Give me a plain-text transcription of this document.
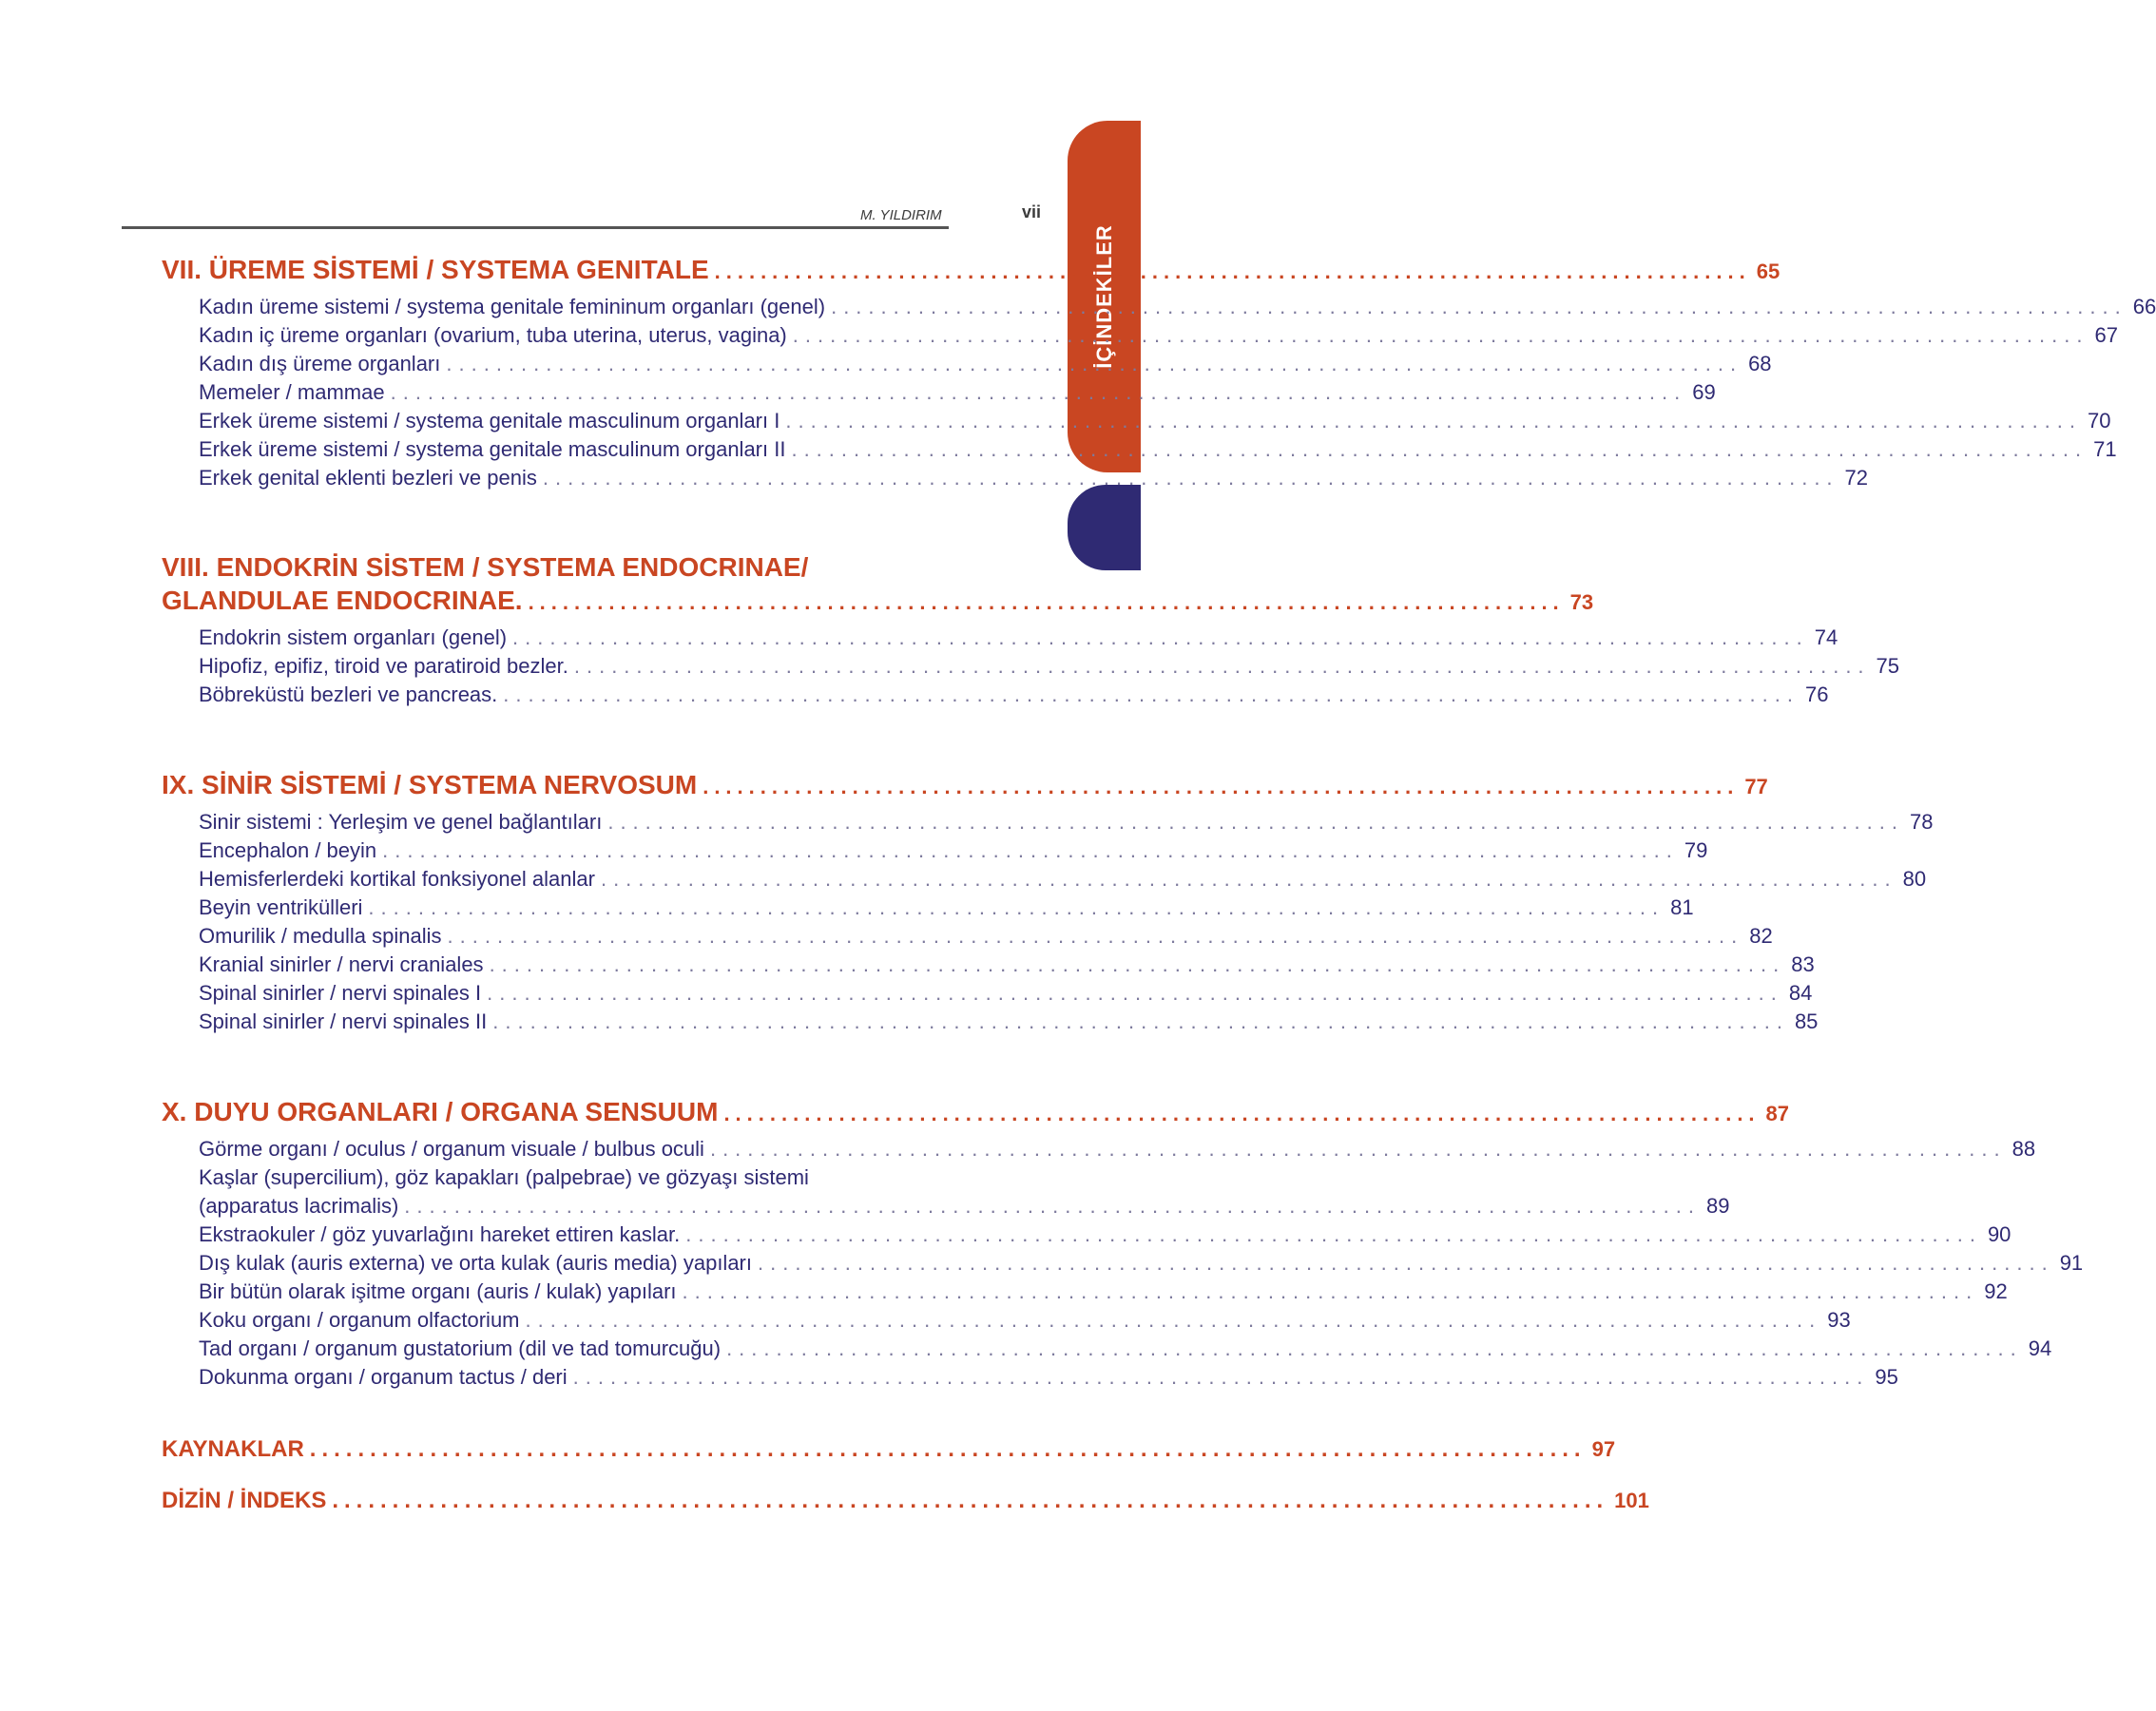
M. YILDIRIM	vii
İÇİNDEKİLER
VII. ÜREME SİSTEMİ / SYSTEMA GENITALE .......................................................................................... 65
Kadın üreme sistemi / systema genitale femininum organları (genel) ........................................................................................................ 66
Kadın iç üreme organları (ovarium, tuba uterina, uterus, vagina) ........................................................................................................ 67
Kadın dış üreme organları ........................................................................................................ 68
Memeler / mammae ........................................................................................................ 69
Erkek üreme sistemi / systema genitale masculinum organları I ........................................................................................................ 70
Erkek üreme sistemi / systema genitale masculinum organları II ........................................................................................................ 71
Erkek genital eklenti bezleri ve penis ........................................................................................................ 72
VIII. ENDOKRİN SİSTEM / SYSTEMA ENDOCRINAE/
GLANDULAE ENDOCRINAE. .......................................................................................... 73
Endokrin sistem organları (genel) ........................................................................................................ 74
Hipofiz, epifiz, tiroid ve paratiroid bezler. ........................................................................................................ 75
Böbreküstü bezleri ve pancreas. ........................................................................................................ 76
IX. SİNİR SİSTEMİ / SYSTEMA NERVOSUM .......................................................................................... 77
Sinir sistemi : Yerleşim ve genel bağlantıları ........................................................................................................ 78
Encephalon / beyin ........................................................................................................ 79
Hemisferlerdeki kortikal fonksiyonel alanlar ........................................................................................................ 80
Beyin ventrikülleri ........................................................................................................ 81
Omurilik / medulla spinalis ........................................................................................................ 82
Kranial sinirler / nervi craniales ........................................................................................................ 83
Spinal sinirler / nervi spinales I ........................................................................................................ 84
Spinal sinirler / nervi spinales II ........................................................................................................ 85
X. DUYU ORGANLARI / ORGANA SENSUUM .......................................................................................... 87
Görme organı / oculus / organum visuale / bulbus oculi ........................................................................................................ 88
Kaşlar (supercilium), göz kapakları (palpebrae) ve gözyaşı sistemi
(apparatus lacrimalis) ........................................................................................................ 89
Ekstraokuler / göz yuvarlağını hareket ettiren kaslar. ........................................................................................................ 90
Dış kulak (auris externa) ve orta kulak (auris media) yapıları ........................................................................................................ 91
Bir bütün olarak işitme organı (auris / kulak) yapıları ........................................................................................................ 92
Koku organı / organum olfactorium ........................................................................................................ 93
Tad organı / organum gustatorium (dil ve tad tomurcuğu) ........................................................................................................ 94
Dokunma organı / organum tactus / deri ........................................................................................................ 95
KAYNAKLAR .......................................................................................................... 97
DİZİN / İNDEKS .......................................................................................................... 101
